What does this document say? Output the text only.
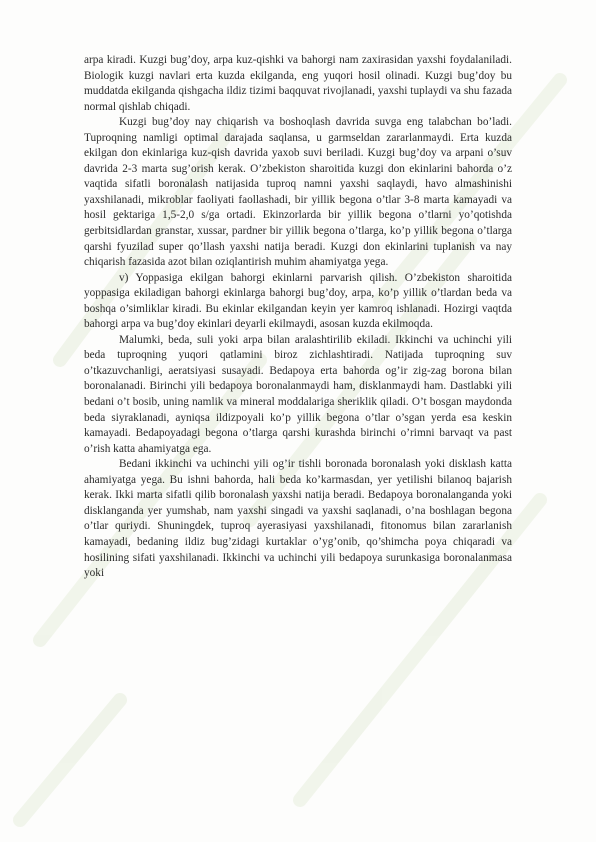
arpa kiradi. Kuzgi bug’doy, arpa kuz-qishki va bahorgi nam zaxirasidan yaxshi foydalaniladi. Biologik kuzgi navlari erta kuzda ekilganda, eng yuqori hosil olinadi. Kuzgi bug’doy bu muddatda ekilganda qishgacha ildiz tizimi baqquvat rivojlanadi, yaxshi tuplaydi va shu fazada normal qishlab chiqadi.

Kuzgi bug’doy nay chiqarish va boshoqlash davrida suvga eng talabchan bo’ladi. Tuproqning namligi optimal darajada saqlansa, u garmseldan zararlanmaydi. Erta kuzda ekilgan don ekinlariga kuz-qish davrida yaxob suvi beriladi. Kuzgi bug’doy va arpani o’suv davrida 2-3 marta sug’orish kerak. O’zbekiston sharoitida kuzgi don ekinlarini bahorda o’z vaqtida sifatli boronalash natijasida tuproq namni yaxshi saqlaydi, havo almashinishi yaxshilanadi, mikroblar faoliyati faollashadi, bir yillik begona o’tlar 3-8 marta kamayadi va hosil gektariga 1,5-2,0 s/ga ortadi. Ekinzorlarda bir yillik begona o’tlarni yo’qotishda gerbitsidlardan granstar, xussar, pardner bir yillik begona o’tlarga, ko’p yillik begona o’tlarga qarshi fyuzilad super qo’llash yaxshi natija beradi. Kuzgi don ekinlarini tuplanish va nay chiqarish fazasida azot bilan oziqlantirish muhim ahamiyatga yega.

v) Yoppasiga ekilgan bahorgi ekinlarni parvarish qilish. O’zbekiston sharoitida yoppasiga ekiladigan bahorgi ekinlarga bahorgi bug’doy, arpa, ko’p yillik o’tlardan beda va boshqa o’simliklar kiradi. Bu ekinlar ekilgandan keyin yer kamroq ishlanadi. Hozirgi vaqtda bahorgi arpa va bug’doy ekinlari deyarli ekilmaydi, asosan kuzda ekilmoqda.

Malumki, beda, suli yoki arpa bilan aralashtirilib ekiladi. Ikkinchi va uchinchi yili beda tuproqning yuqori qatlamini biroz zichlashtiradi. Natijada tuproqning suv o’tkazuvchanligi, aeratsiyasi susayadi. Bedapoya erta bahorda og’ir zig-zag borona bilan boronalanadi. Birinchi yili bedapoya boronalanmaydi ham, disklanmaydi ham. Dastlabki yili bedani o’t bosib, uning namlik va mineral moddalariga sheriklik qiladi. O’t bosgan maydonda beda siyraklanadi, ayniqsa ildizpoyali ko’p yillik begona o’tlar o’sgan yerda esa keskin kamayadi. Bedapoyadagi begona o’tlarga qarshi kurashda birinchi o’rimni barvaqt va past o’rish katta ahamiyatga ega.

Bedani ikkinchi va uchinchi yili og’ir tishli boronada boronalash yoki disklash katta ahamiyatga yega. Bu ishni bahorda, hali beda ko’karmasdan, yer yetilishi bilanoq bajarish kerak. Ikki marta sifatli qilib boronalash yaxshi natija beradi. Bedapoya boronalanganda yoki disklanganda yer yumshab, nam yaxshi singadi va yaxshi saqlanadi, o’na boshlagan begona o’tlar quriydi. Shuningdek, tuproq ayerasiyasi yaxshilanadi, fitonomus bilan zararlanish kamayadi, bedaning ildiz bug’zidagi kurtaklar o’yg’onib, qo’shimcha poya chiqaradi va hosilining sifati yaxshilanadi. Ikkinchi va uchinchi yili bedapoya surunkasiga boronalanmasa yoki
